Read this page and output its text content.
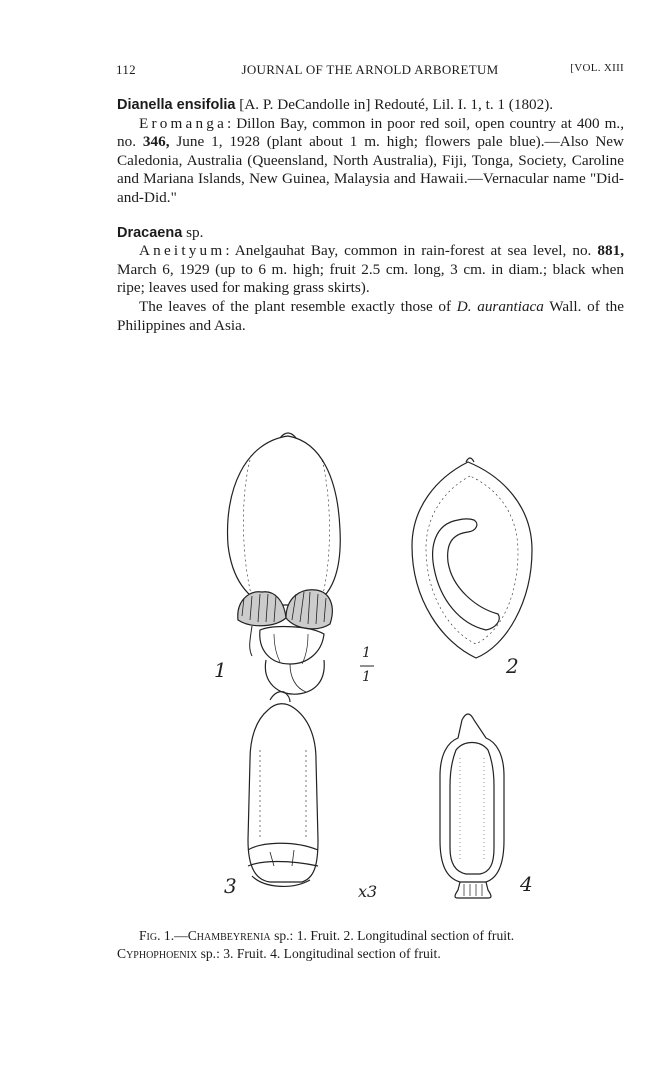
112	JOURNAL OF THE ARNOLD ARBORETUM	[VOL. XIII

Dianella ensifolia [A. P. DeCandolle in] Redouté, Lil. I. 1, t. 1 (1802).

Eromanga: Dillon Bay, common in poor red soil, open country at 400 m., no. 346, June 1, 1928 (plant about 1 m. high; flowers pale blue).—Also New Caledonia, Australia (Queensland, North Australia), Fiji, Tonga, Society, Caroline and Mariana Islands, New Guinea, Malaysia and Hawaii.—Vernacular name "Did-and-Did."

Dracaena sp.

Aneityum: Anelgauhat Bay, common in rain-forest at sea level, no. 881, March 6, 1929 (up to 6 m. high; fruit 2.5 cm. long, 3 cm. in diam.; black when ripe; leaves used for making grass skirts).

The leaves of the plant resemble exactly those of D. aurantiaca Wall. of the Philippines and Asia.

1	2
1
1
3	x3	4
Fig. 1.—Chambeyrenia sp.: 1. Fruit. 2. Longitudinal section of fruit.
Cyphophoenix sp.: 3. Fruit. 4. Longitudinal section of fruit.
